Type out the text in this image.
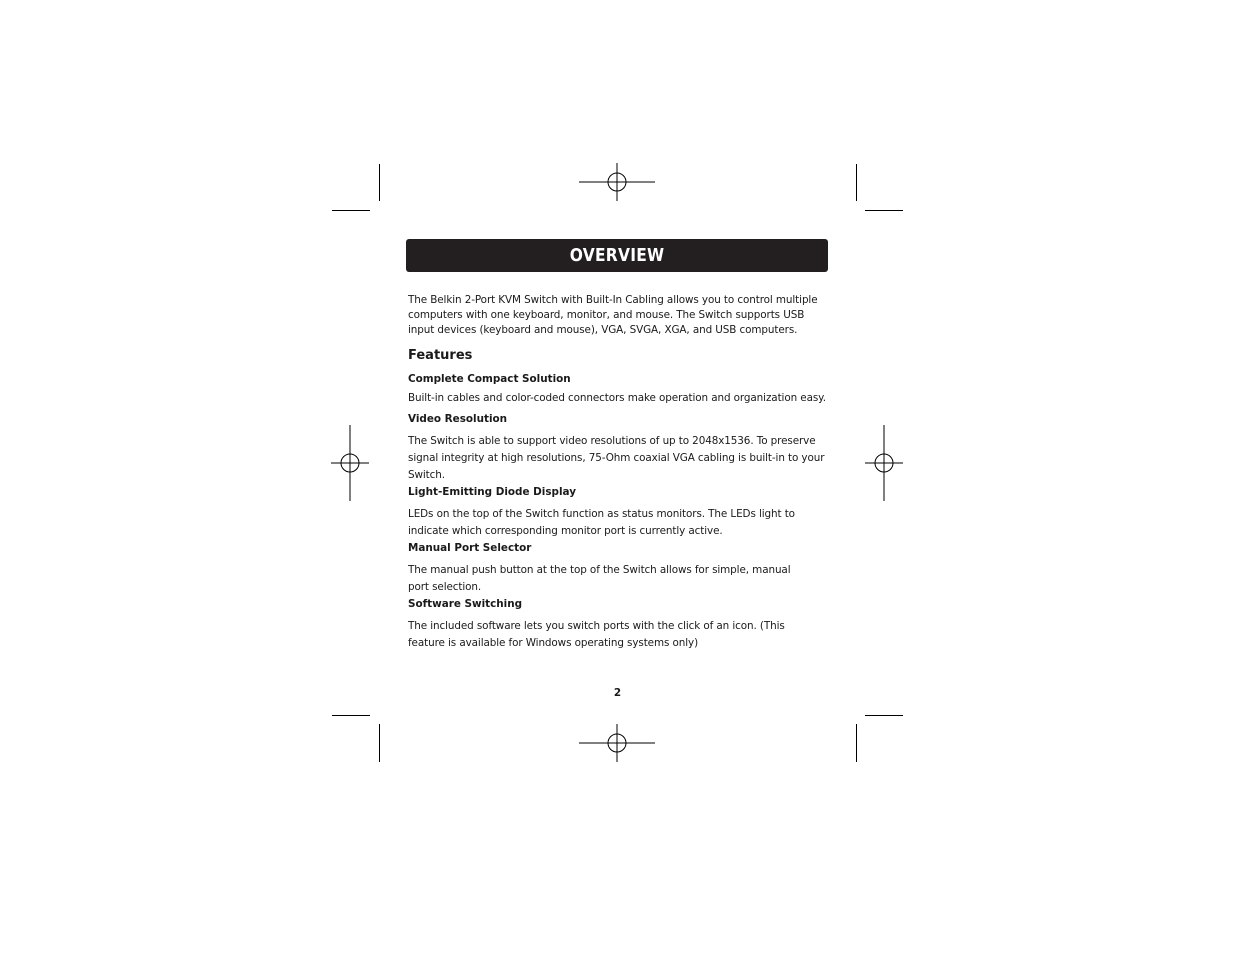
OVERVIEW

The Belkin 2-Port KVM Switch with Built-In Cabling allows you to control multiple computers with one keyboard, monitor, and mouse. The Switch supports USB input devices (keyboard and mouse), VGA, SVGA, XGA, and USB computers.

Features

Complete Compact Solution

Built-in cables and color-coded connectors make operation and organization easy.

Video Resolution

The Switch is able to support video resolutions of up to 2048x1536. To preserve signal integrity at high resolutions, 75-Ohm coaxial VGA cabling is built-in to your Switch.

Light-Emitting Diode Display

LEDs on the top of the Switch function as status monitors. The LEDs light to indicate which corresponding monitor port is currently active.

Manual Port Selector

The manual push button at the top of the Switch allows for simple, manual port selection.

Software Switching

The included software lets you switch ports with the click of an icon. (This feature is available for Windows operating systems only)

2
